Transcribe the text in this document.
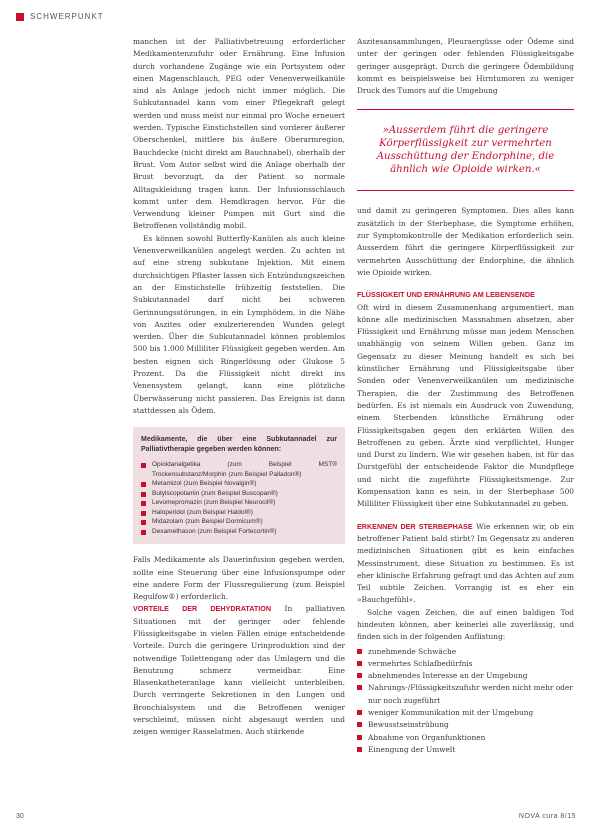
SCHWERPUNKT

manchen ist der Palliativbetreuung erforderlicher Medikamentenzufuhr oder Ernährung. Eine Infusion durch vorhandene Zugänge wie ein Portsystem oder einen Magenschlauch, PEG oder Venenverweilkanüle sind als Anlage jedoch nicht immer möglich. Die Subkutannadel kann vom einer Pflegekraft gelegt werden und muss meist nur einmal pro Woche erneuert werden. Typische Einstichstellen sind vorderer äußerer Oberschenkel, mittlere bis äußere Oberarmregion, Bauchdecke (nicht direkt am Bauchnabel), oberhalb der Brust. Vom Autor selbst wird die Anlage oberhalb der Brust bevorzugt, da der Patient so normale Alltagskleidung tragen kann. Der Infusionsschlauch kommt unter dem Hemdkragen hervor. Für die Verwendung kleiner Pumpen mit Gurt sind die Betroffenen vollständig mobil.

Es können sowohl Butterfly-Kanülen als auch kleine Venenverweilkanülen angelegt werden. Zu achten ist auf eine streng subkutane Injektion. Mit einem durchsichtigen Pflaster lassen sich Entzündungszeichen an der Einstichstelle frühzeitig feststellen. Die Subkutannadel darf nicht bei schweren Gerinnungsstörungen, in ein Lymphödem, in die Nähe von Aszites oder exulzerierenden Wunden gelegt werden. Über die Subkutannadel können problemlos 500 bis 1.000 Milliliter Flüssigkeit gegeben werden. Am besten eignen sich Ringerlösung oder Glukose 5 Prozent. Da die Flüssigkeit nicht direkt ins Venensystem gelangt, kann eine plötzliche Überwässerung nicht passieren. Das Ereignis ist dann stattdessen als Ödem.

Medikamente, die über eine Subkutannadel zur Palliativtherapie gegeben werden können:
Opioidanalgetika (zum Beispiel MST® Trockensubstanz/Morphin (zum Beispiel Palladon®)
Metamizol (zum Beispiel Novalgin®)
Butylscopolamin (zum Beispiel Buscopan®)
Levomepromazin (zum Beispiel Neurocil®)
Haloperidol (zum Beispiel Haldol®)
Midazolam (zum Beispiel Dormicum®)
Dexamethason (zum Beispiel Fortecortin®)

Falls Medikamente als Dauerinfusion gegeben werden, sollte eine Steuerung über eine Infusionspumpe oder eine andere Form der Flussregulierung (zum Beispiel Regulfow®) erforderlich.

VORTEILE DER DEHYDRATATION In palliativen Situationen mit der geringer oder fehlende Flüssigkeitsgabe in vielen Fällen einige entscheidende Vorteile. Durch die geringere Urinproduktion sind der notwendige Toilettengang oder das Umlagern und die Benutzung schmerz vermeidbar. Eine Blasenkatheteranlage kann vielleicht unterbleiben. Durch verringerte Sekretionen in den Lungen und Bronchialsystem und die Betroffenen weniger verschleimt, müssen nicht abgesaugt werden und zeigen weniger Rasselatmen. Auch stärkende

Aszitesansammlungen, Pleuraergüsse oder Ödeme sind unter der geringen oder fehlenden Flüssigkeitsgabe geringer ausgeprägt. Durch die geringere Ödembildung kommt es beispielsweise bei Hirntumoren zu weniger Druck des Tumors auf die Umgebung

»Ausserdem führt die geringere Körperflüssigkeit zur vermehrten Ausschüttung der Endorphine, die ähnlich wie Opioide wirken.«

und damit zu geringeren Symptomen. Dies alles kann zusätzlich in der Sterbephase, die Symptome erhöhen, zur Symptomkontrolle der Medikation erforderlich sein. Ausserdem führt die geringere Körperflüssigkeit zur vermehrten Ausschüttung der Endorphine, die ähnlich wie Opioide wirken.

FLÜSSIGKEIT UND ERNÄHRUNG AM LEBENSENDE

Oft wird in diesem Zusammenhang argumentiert, man könne alle medizinischen Massnahmen absetzen, aber Flüssigkeit und Ernährung müsse man jedem Menschen unabhängig von seinem Willen geben. Ganz im Gegensatz zu dieser Meinung handelt es sich bei künstlicher Ernährung und Flüssigkeitsgabe über Sonden oder Venenverweilkanülen um medizinische Therapien, die der Zustimmung des Betroffenen bedürfen. Es ist niemals ein Ausdruck von Zuwendung, einem Sterbenden künstliche Ernährung oder Flüssigkeitsgaben gegen den erklärten Willen des Betroffenen zu geben. Ärzte sind verpflichtet, Hunger und Durst zu lindern. Wie wir gesehen haben, ist für das Durstgefühl der entscheidende Faktor die Mundpflege und nicht die zugeführte Flüssigkeitsmenge. Zur Kompensation kann es sein, in der Sterbephase 500 Milliliter Flüssigkeit über eine Subkutannadel zu geben.

ERKENNEN DER STERBEPHASE Wie erkennen wir, ob ein betroffener Patient bald stirbt? Im Gegensatz zu anderen medizinischen Situationen gibt es kein einfaches Messinstrument, diese Situation zu bestimmen. Es ist eher klinische Erfahrung gefragt und das Achten auf zum Teil subtile Zeichen. Vorrangig ist es eher ein »Bauchgefühl«.

Solche vagen Zeichen, die auf einen baldigen Tod hindeuten können, aber keinerlei alle zuverlässig, und finden sich in der folgenden Auflistung:

zunehmende Schwäche
vermehrtes Schlafbedürfnis
abnehmendes Interesse an der Umgebung
Nahrungs-/Flüssigkeitszufuhr werden nicht mehr oder nur noch zugeführt
weniger Kommunikation mit der Umgebung
Bewusstseinstrübung
Abnahme von Organfunktionen
Einengung der Umwelt
30	NOVA cura 8/15
